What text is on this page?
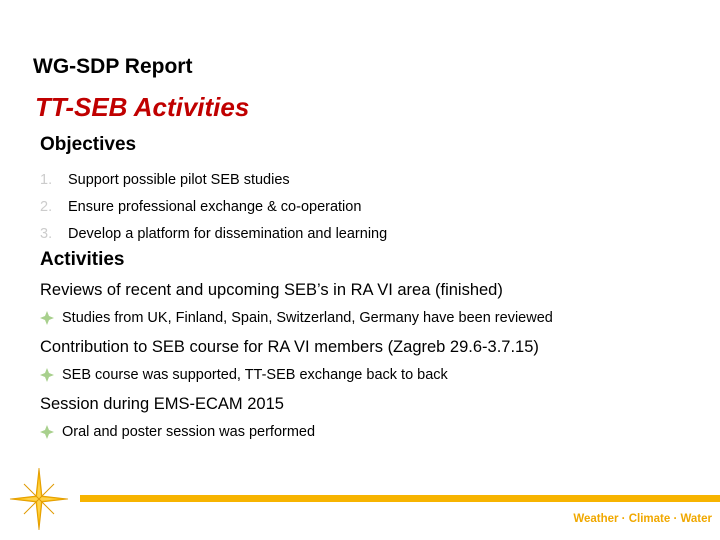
WG-SDP Report
TT-SEB Activities
Objectives
1.	Support possible pilot SEB studies
2.	Ensure professional exchange & co-operation
3.	Develop a platform for dissemination and learning
Activities
Reviews of recent and upcoming SEB’s in RA VI area (finished)
Studies from UK, Finland, Spain, Switzerland, Germany have been reviewed
Contribution to SEB course for RA VI members (Zagreb 29.6-3.7.15)
SEB course was supported, TT-SEB exchange back to back
Session during EMS-ECAM 2015
Oral and poster session was performed
Weather · Climate · Water
